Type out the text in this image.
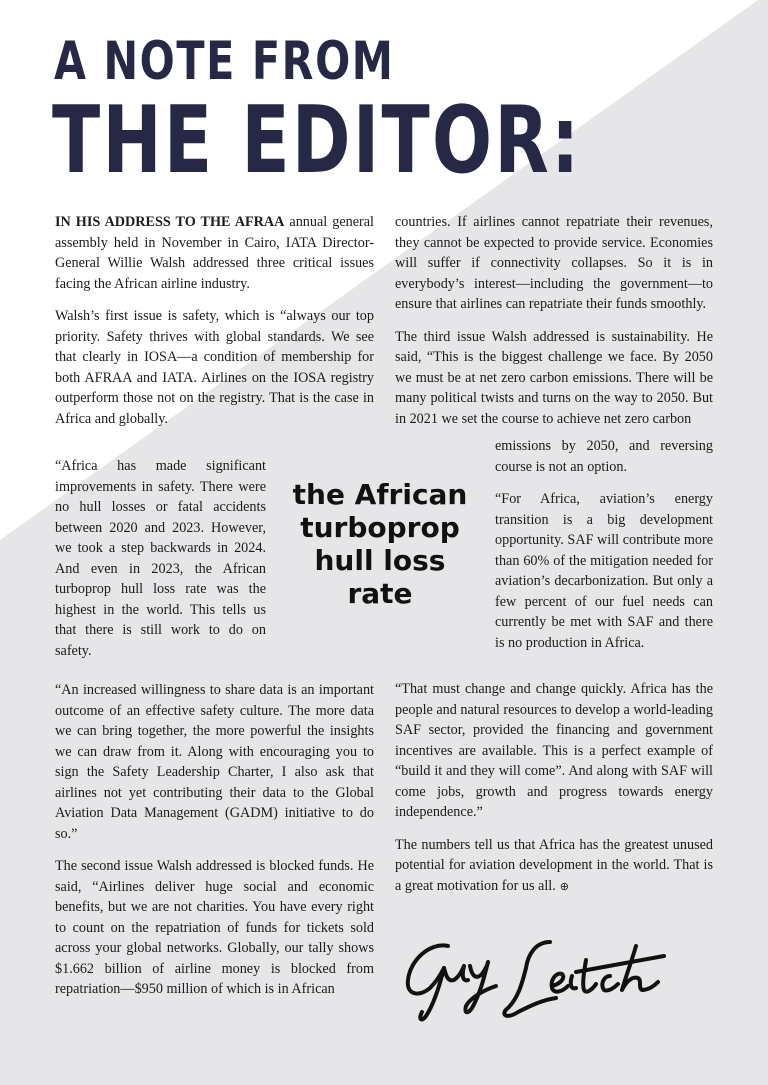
A NOTE FROM
THE EDITOR:

IN HIS ADDRESS TO THE AFRAA annual general assembly held in November in Cairo, IATA Director-General Willie Walsh addressed three critical issues facing the African airline industry.

Walsh’s first issue is safety, which is “always our top priority. Safety thrives with global standards. We see that clearly in IOSA—a condition of membership for both AFRAA and IATA. Airlines on the IOSA registry outperform those not on the registry. That is the case in Africa and globally.

“Africa has made significant improvements in safety. There were no hull losses or fatal accidents between 2020 and 2023. However, we took a step backwards in 2024. And even in 2023, the African turboprop hull loss rate was the highest in the world. This tells us that there is still work to do on safety.

the African turboprop hull loss rate

“An increased willingness to share data is an important outcome of an effective safety culture. The more data we can bring together, the more powerful the insights we can draw from it. Along with encouraging you to sign the Safety Leadership Charter, I also ask that airlines not yet contributing their data to the Global Aviation Data Management (GADM) initiative to do so.”

The second issue Walsh addressed is blocked funds. He said, “Airlines deliver huge social and economic benefits, but we are not charities. You have every right to count on the repatriation of funds for tickets sold across your global networks. Globally, our tally shows $1.662 billion of airline money is blocked from repatriation—$950 million of which is in African

countries. If airlines cannot repatriate their revenues, they cannot be expected to provide service. Economies will suffer if connectivity collapses. So it is in everybody’s interest—including the government—to ensure that airlines can repatriate their funds smoothly.

The third issue Walsh addressed is sustainability. He said, “This is the biggest challenge we face. By 2050 we must be at net zero carbon emissions. There will be many political twists and turns on the way to 2050. But in 2021 we set the course to achieve net zero carbon

emissions by 2050, and reversing course is not an option.

“For Africa, aviation’s energy transition is a big development opportunity. SAF will contribute more than 60% of the mitigation needed for aviation’s decarbonization. But only a few percent of our fuel needs can currently be met with SAF and there is no production in Africa.

“That must change and change quickly. Africa has the people and natural resources to develop a world-leading SAF sector, provided the financing and government incentives are available. This is a perfect example of “build it and they will come”. And along with SAF will come jobs, growth and progress towards energy independence.”

The numbers tell us that Africa has the greatest unused potential for aviation development in the world. That is a great motivation for us all. ⊕
